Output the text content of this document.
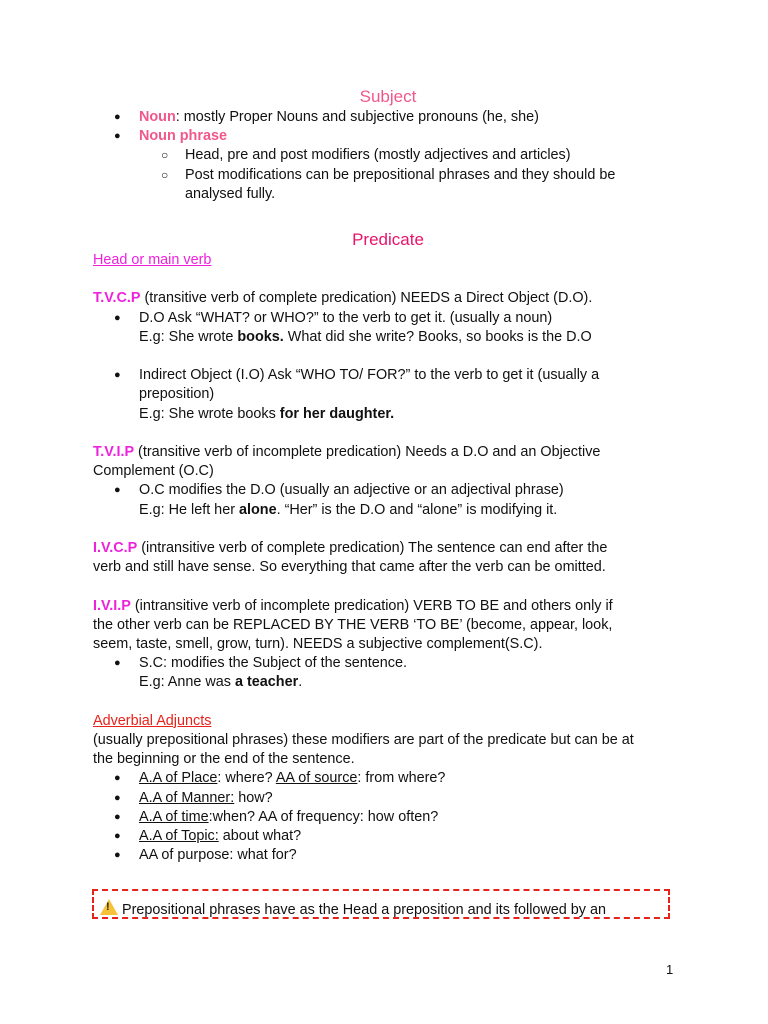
Subject
● Noun: mostly Proper Nouns and subjective pronouns (he, she)
● Noun phrase
○ Head, pre and post modifiers (mostly adjectives and articles)
○ Post modifications can be prepositional phrases and they should be
analysed fully.
Predicate
Head or main verb
T.V.C.P (transitive verb of complete predication) NEEDS a Direct Object (D.O).
● D.O Ask “WHAT? or WHO?” to the verb to get it. (usually a noun)
E.g: She wrote books. What did she write? Books, so books is the D.O
● Indirect Object (I.O) Ask “WHO TO/ FOR?” to the verb to get it (usually a
preposition)
E.g: She wrote books for her daughter.
T.V.I.P (transitive verb of incomplete predication) Needs a D.O and an Objective
Complement (O.C)
● O.C modifies the D.O (usually an adjective or an adjectival phrase)
E.g: He left her alone. “Her” is the D.O and “alone” is modifying it.
I.V.C.P (intransitive verb of complete predication) The sentence can end after the
verb and still have sense. So everything that came after the verb can be omitted.
I.V.I.P (intransitive verb of incomplete predication) VERB TO BE and others only if
the other verb can be REPLACED BY THE VERB ‘TO BE’ (become, appear, look,
seem, taste, smell, grow, turn). NEEDS a subjective complement(S.C).
● S.C: modifies the Subject of the sentence.
E.g: Anne was a teacher.
Adverbial Adjuncts
(usually prepositional phrases) these modifiers are part of the predicate but can be at
the beginning or the end of the sentence.
● A.A of Place: where? AA of source: from where?
● A.A of Manner: how?
● A.A of time:when? AA of frequency: how often?
● A.A of Topic: about what?
● AA of purpose: what for?
!Prepositional phrases have as the Head a preposition and its followed by an
1
